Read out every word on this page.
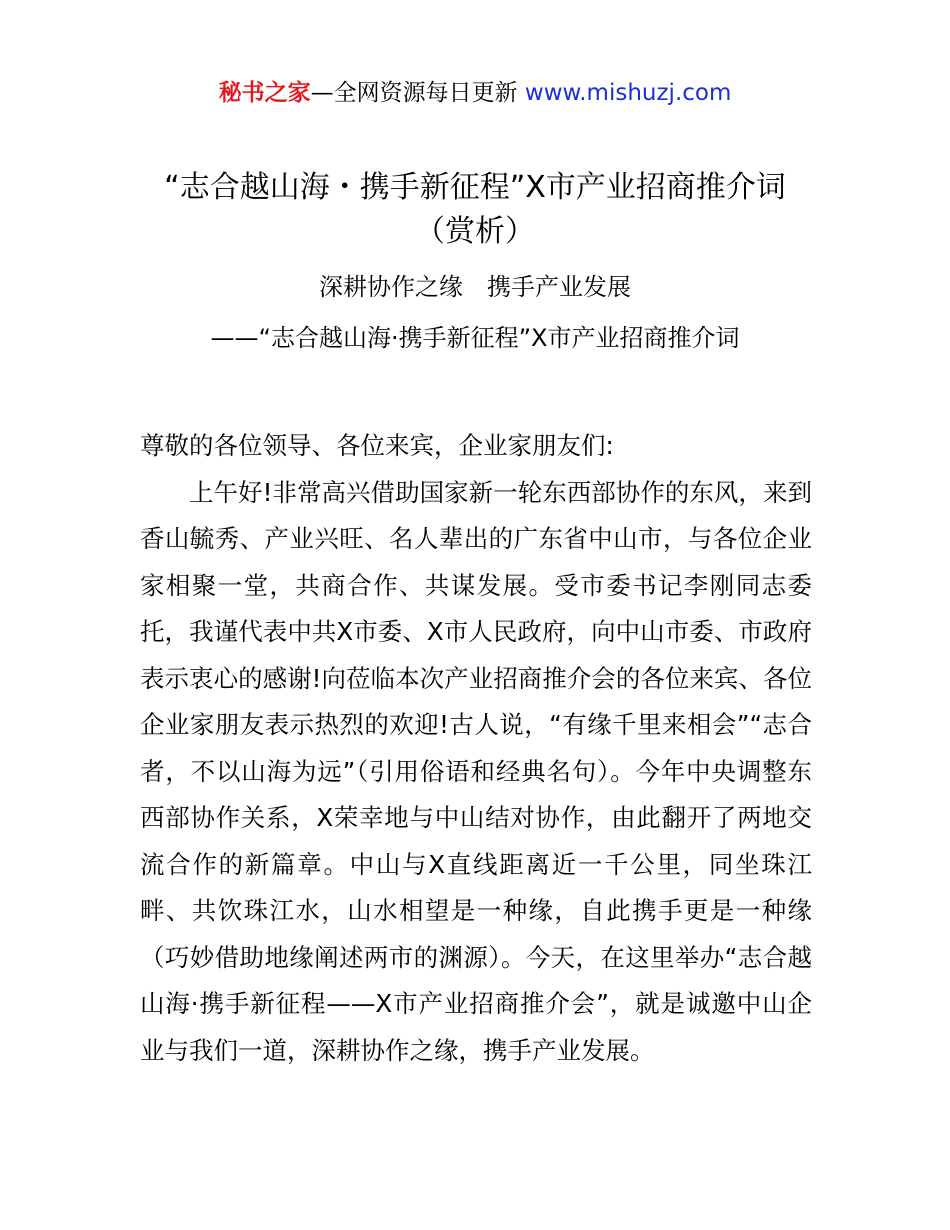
秘书之家—全网资源每日更新 www.mishuzj.com
“志合越山海・携手新征程”X市产业招商推介词（赏析）
深耕协作之缘　携手产业发展
——“志合越山海·携手新征程”X市产业招商推介词

尊敬的各位领导、各位来宾，企业家朋友们:

上午好!非常高兴借助国家新一轮东西部协作的东风，来到香山毓秀、产业兴旺、名人辈出的广东省中山市，与各位企业家相聚一堂，共商合作、共谋发展。受市委书记李刚同志委托，我谨代表中共X市委、X市人民政府，向中山市委、市政府表示衷心的感谢!向莅临本次产业招商推介会的各位来宾、各位企业家朋友表示热烈的欢迎!古人说，“有缘千里来相会”“志合者，不以山海为远”（引用俗语和经典名句）。今年中央调整东西部协作关系，X荣幸地与中山结对协作，由此翻开了两地交流合作的新篇章。中山与X直线距离近一千公里，同坐珠江畔、共饮珠江水，山水相望是一种缘，自此携手更是一种缘（巧妙借助地缘阐述两市的渊源）。今天，在这里举办“志合越山海·携手新征程——X市产业招商推介会”，就是诚邀中山企业与我们一道，深耕协作之缘，携手产业发展。
